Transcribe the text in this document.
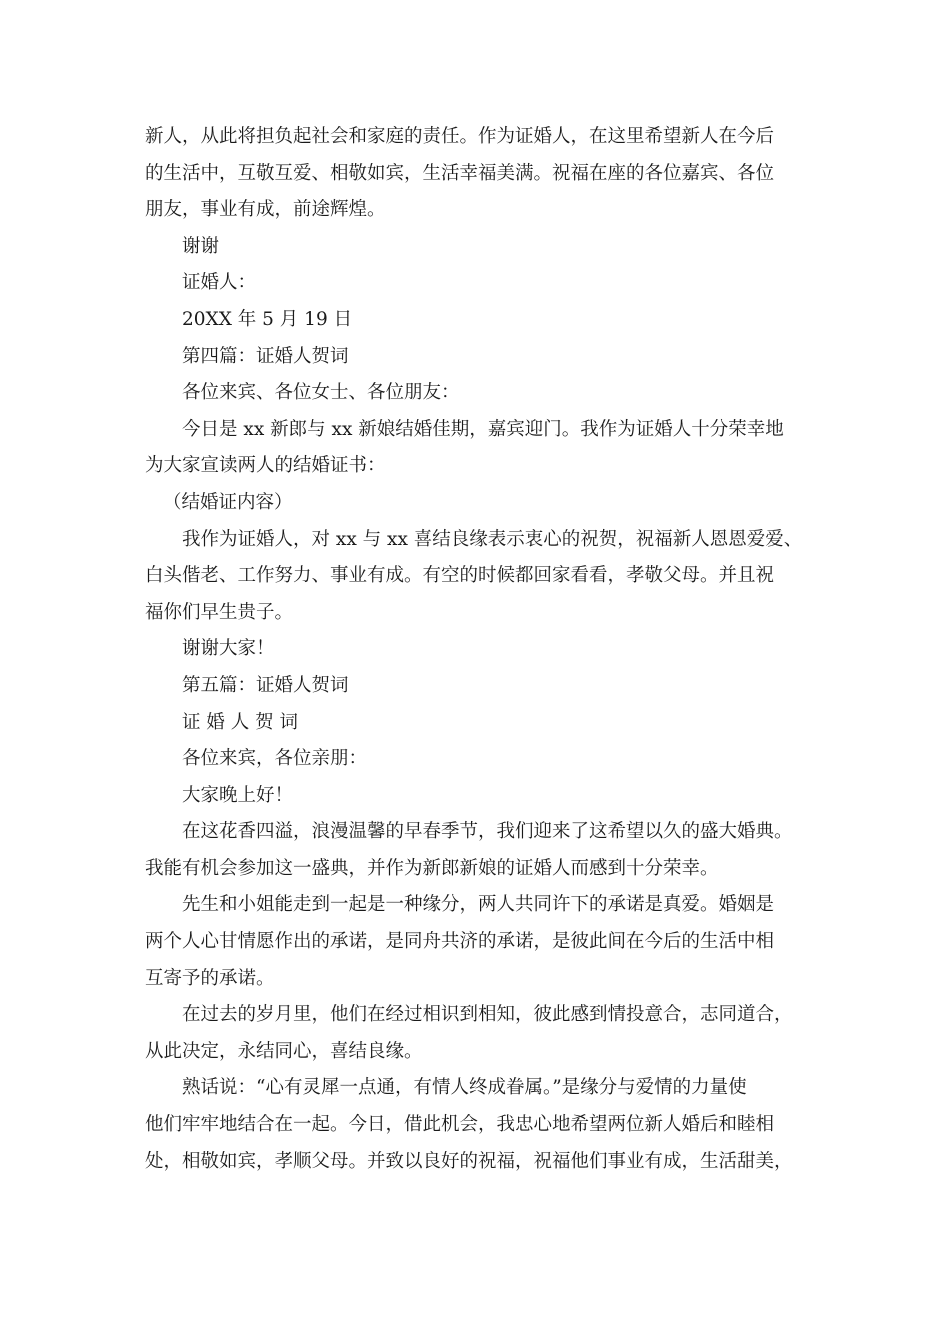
新人，从此将担负起社会和家庭的责任。作为证婚人，在这里希望新人在今后

的生活中，互敬互爱、相敬如宾，生活幸福美满。祝福在座的各位嘉宾、各位

朋友，事业有成，前途辉煌。

谢谢

证婚人：

20XX 年 5 月 19 日

第四篇：证婚人贺词

各位来宾、各位女士、各位朋友：

今日是 xx 新郎与 xx 新娘结婚佳期，嘉宾迎门。我作为证婚人十分荣幸地

为大家宣读两人的结婚证书：

（结婚证内容）

我作为证婚人，对 xx 与 xx 喜结良缘表示衷心的祝贺，祝福新人恩恩爱爱、

白头偕老、工作努力、事业有成。有空的时候都回家看看，孝敬父母。并且祝

福你们早生贵子。

谢谢大家！

第五篇：证婚人贺词

证 婚 人 贺 词

各位来宾，各位亲朋：

大家晚上好！

在这花香四溢，浪漫温馨的早春季节，我们迎来了这希望以久的盛大婚典。

我能有机会参加这一盛典，并作为新郎新娘的证婚人而感到十分荣幸。

先生和小姐能走到一起是一种缘分，两人共同许下的承诺是真爱。婚姻是

两个人心甘情愿作出的承诺，是同舟共济的承诺，是彼此间在今后的生活中相

互寄予的承诺。

在过去的岁月里，他们在经过相识到相知，彼此感到情投意合，志同道合，

从此决定，永结同心，喜结良缘。

熟话说：“心有灵犀一点通，有情人终成眷属。”是缘分与爱情的力量使

他们牢牢地结合在一起。今日，借此机会，我忠心地希望两位新人婚后和睦相

处，相敬如宾，孝顺父母。并致以良好的祝福，祝福他们事业有成，生活甜美，
